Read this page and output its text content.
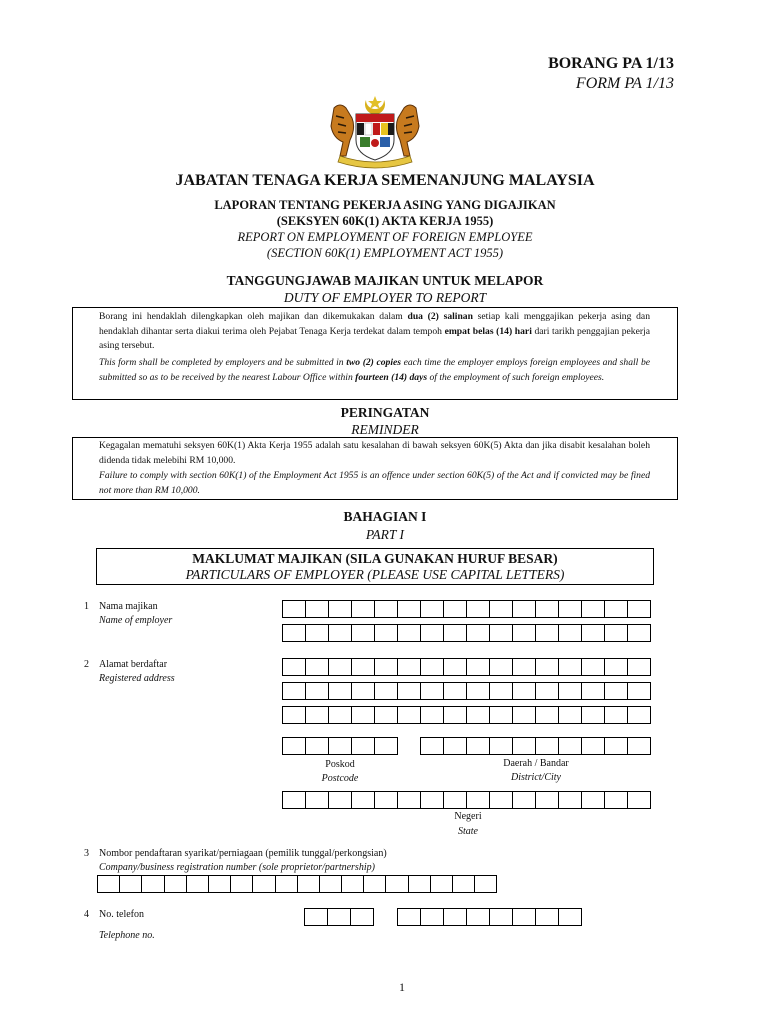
BORANG PA 1/13
FORM PA 1/13
JABATAN TENAGA KERJA SEMENANJUNG MALAYSIA
LAPORAN TENTANG PEKERJA ASING YANG DIGAJIKAN
(SEKSYEN 60K(1) AKTA KERJA 1955)
REPORT ON EMPLOYMENT OF FOREIGN EMPLOYEE
(SECTION 60K(1) EMPLOYMENT ACT 1955)
TANGGUNGJAWAB MAJIKAN UNTUK MELAPOR
DUTY OF EMPLOYER TO REPORT
Borang ini hendaklah dilengkapkan oleh majikan dan dikemukakan dalam dua (2) salinan setiap kali menggajikan pekerja asing dan hendaklah dihantar serta diakui terima oleh Pejabat Tenaga Kerja terdekat dalam tempoh empat belas (14) hari dari tarikh penggajian pekerja asing tersebut.
This form shall be completed by employers and be submitted in two (2) copies each time the employer employs foreign employees and shall be submitted so as to be received by the nearest Labour Office within fourteen (14) days of the employment of such foreign employees.
PERINGATAN
REMINDER
Kegagalan mematuhi seksyen 60K(1) Akta Kerja 1955 adalah satu kesalahan di bawah seksyen 60K(5) Akta dan jika disabit kesalahan boleh didenda tidak melebihi RM 10,000.
Failure to comply with section 60K(1) of the Employment Act 1955 is an offence under section 60K(5) of the Act and if convicted may be fined not more than RM 10,000.
BAHAGIAN I
PART I
MAKLUMAT MAJIKAN (SILA GUNAKAN HURUF BESAR)
PARTICULARS OF EMPLOYER (PLEASE USE CAPITAL LETTERS)
1 Nama majikan
Name of employer
2 Alamat berdaftar
Registered address
Poskod
Postcode
Daerah / Bandar
District/City
Negeri
State
3 Nombor pendaftaran syarikat/perniagaan (pemilik tunggal/perkongsian)
Company/business registration number (sole proprietor/partnership)
4 No. telefon
Telephone no.
1
